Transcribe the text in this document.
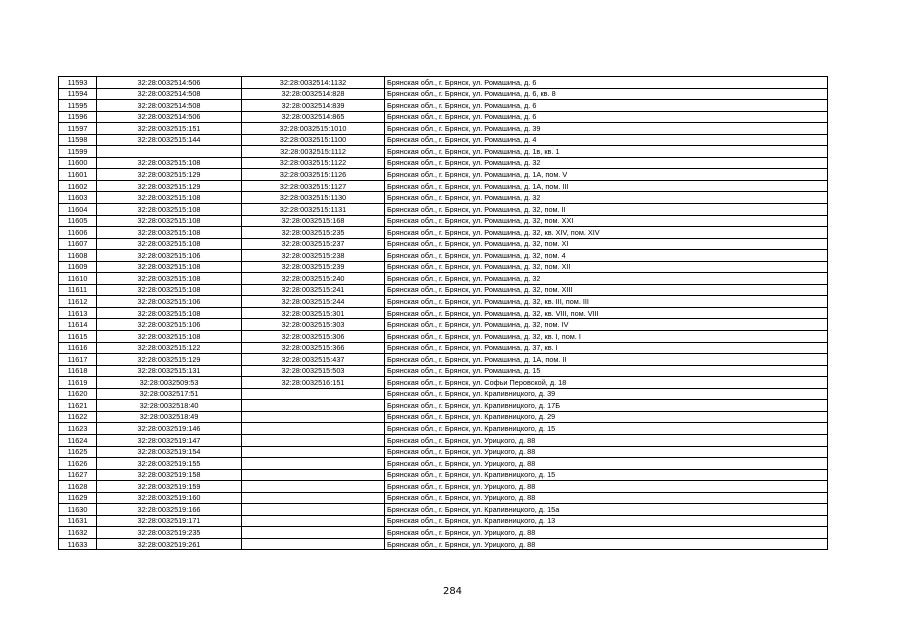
11593	32:28:0032514:506	32:28:0032514:1132	Брянская обл., г. Брянск, ул. Ромашина, д. 6
11594	32:28:0032514:508	32:28:0032514:828	Брянская обл., г. Брянск, ул. Ромашина, д. 6, кв. 8
11595	32:28:0032514:508	32:28:0032514:839	Брянская обл., г. Брянск, ул. Ромашина, д. 6
11596	32:28:0032514:506	32:28:0032514:865	Брянская обл., г. Брянск, ул. Ромашина, д. 6
11597	32:28:0032515:151	32:28:0032515:1010	Брянская обл., г. Брянск, ул. Ромашина, д. 39
11598	32:28:0032515:144	32:28:0032515:1100	Брянская обл., г. Брянск, ул. Ромашина, д. 4
11599		32:28:0032515:1112	Брянская обл., г. Брянск, ул. Ромашина, д. 1в, кв. 1
11600	32:28:0032515:108	32:28:0032515:1122	Брянская обл., г. Брянск, ул. Ромашина, д. 32
11601	32:28:0032515:129	32:28:0032515:1126	Брянская обл., г. Брянск, ул. Ромашина, д. 1А, пом. V
11602	32:28:0032515:129	32:28:0032515:1127	Брянская обл., г. Брянск, ул. Ромашина, д. 1А, пом. III
11603	32:28:0032515:108	32:28:0032515:1130	Брянская обл., г. Брянск, ул. Ромашина, д. 32
11604	32:28:0032515:108	32:28:0032515:1131	Брянская обл., г. Брянск, ул. Ромашина, д. 32, пом. II
11605	32:28:0032515:108	32:28:0032515:168	Брянская обл., г. Брянск, ул. Ромашина, д. 32, пом. XXI
11606	32:28:0032515:108	32:28:0032515:235	Брянская обл., г. Брянск, ул. Ромашина, д. 32, кв. XIV, пом. XIV
11607	32:28:0032515:108	32:28:0032515:237	Брянская обл., г. Брянск, ул. Ромашина, д. 32, пом. XI
11608	32:28:0032515:106	32:28:0032515:238	Брянская обл., г. Брянск, ул. Ромашина, д. 32, пом. 4
11609	32:28:0032515:108	32:28:0032515:239	Брянская обл., г. Брянск, ул. Ромашина, д. 32, пом. XII
11610	32:28:0032515:108	32:28:0032515:240	Брянская обл., г. Брянск, ул. Ромашина, д. 32
11611	32:28:0032515:108	32:28:0032515:241	Брянская обл., г. Брянск, ул. Ромашина, д. 32, пом. XIII
11612	32:28:0032515:106	32:28:0032515:244	Брянская обл., г. Брянск, ул. Ромашина, д. 32, кв. III, пом. III
11613	32:28:0032515:108	32:28:0032515:301	Брянская обл., г. Брянск, ул. Ромашина, д. 32, кв. VIII, пом. VIII
11614	32:28:0032515:106	32:28:0032515:303	Брянская обл., г. Брянск, ул. Ромашина, д. 32, пом. IV
11615	32:28:0032515:108	32:28:0032515:306	Брянская обл., г. Брянск, ул. Ромашина, д. 32, кв. I, пом. I
11616	32:28:0032515:122	32:28:0032515:366	Брянская обл., г. Брянск, ул. Ромашина, д. 37, кв. I
11617	32:28:0032515:129	32:28:0032515:437	Брянская обл., г. Брянск, ул. Ромашина, д. 1А, пом. II
11618	32:28:0032515:131	32:28:0032515:503	Брянская обл., г. Брянск, ул. Ромашина, д. 15
11619	32:28:0032509:53	32:28:0032516:151	Брянская обл., г. Брянск, ул. Софьи Перовской, д. 18
11620	32:28:0032517:51		Брянская обл., г. Брянск, ул. Крапивницкого, д. 39
11621	32:28:0032518:40		Брянская обл., г. Брянск, ул. Крапивницкого, д. 17Б
11622	32:28:0032518:49		Брянская обл., г. Брянск, ул. Крапивницкого, д. 29
11623	32:28:0032519:146		Брянская обл., г. Брянск, ул. Крапивницкого, д. 15
11624	32:28:0032519:147		Брянская обл., г. Брянск, ул. Урицкого, д. 88
11625	32:28:0032519:154		Брянская обл., г. Брянск, ул. Урицкого, д. 88
11626	32:28:0032519:155		Брянская обл., г. Брянск, ул. Урицкого, д. 88
11627	32:28:0032519:158		Брянская обл., г. Брянск, ул. Крапивницкого, д. 15
11628	32:28:0032519:159		Брянская обл., г. Брянск, ул. Урицкого, д. 88
11629	32:28:0032519:160		Брянская обл., г. Брянск, ул. Урицкого, д. 88
11630	32:28:0032519:166		Брянская обл., г. Брянск, ул. Крапивницкого, д. 15а
11631	32:28:0032519:171		Брянская обл., г. Брянск, ул. Крапивницкого, д. 13
11632	32:28:0032519:235		Брянская обл., г. Брянск, ул. Урицкого, д. 88
11633	32:28:0032519:261		Брянская обл., г. Брянск, ул. Урицкого, д. 88
284
